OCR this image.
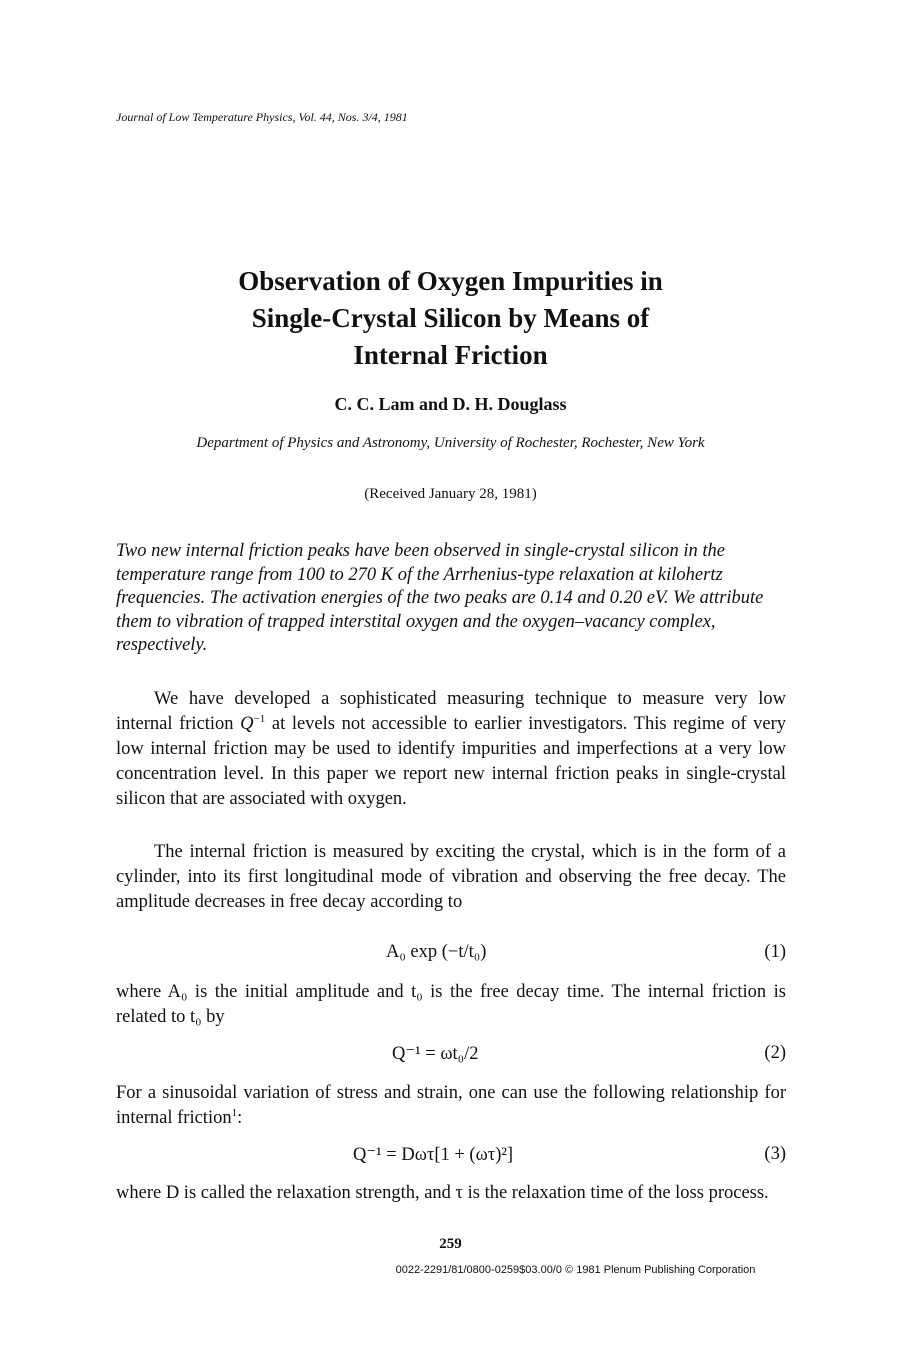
Journal of Low Temperature Physics, Vol. 44, Nos. 3/4, 1981
Observation of Oxygen Impurities in
Single-Crystal Silicon by Means of
Internal Friction
C. C. Lam and D. H. Douglass
Department of Physics and Astronomy, University of Rochester, Rochester, New York
(Received January 28, 1981)
Two new internal friction peaks have been observed in single-crystal silicon in the temperature range from 100 to 270 K of the Arrhenius-type relaxation at kilohertz frequencies. The activation energies of the two peaks are 0.14 and 0.20 eV. We attribute them to vibration of trapped interstital oxygen and the oxygen–vacancy complex, respectively.
We have developed a sophisticated measuring technique to measure very low internal friction $Q^{-1}$ at levels not accessible to earlier investigators. This regime of very low internal friction may be used to identify impurities and imperfections at a very low concentration level. In this paper we report new internal friction peaks in single-crystal silicon that are associated with oxygen.
The internal friction is measured by exciting the crystal, which is in the form of a cylinder, into its first longitudinal mode of vibration and observing the free decay. The amplitude decreases in free decay according to
A₀ exp (−t/t₀)	(1)
where A₀ is the initial amplitude and t₀ is the free decay time. The internal friction is related to t₀ by
Q⁻¹ = ωt₀/2	(2)
For a sinusoidal variation of stress and strain, one can use the following relationship for internal friction$^1$:
Q⁻¹ = Dωτ[1 + (ωτ)²]	(3)
where D is called the relaxation strength, and τ is the relaxation time of the loss process.
259
0022-2291/81/0800-0259$03.00/0 © 1981 Plenum Publishing Corporation
